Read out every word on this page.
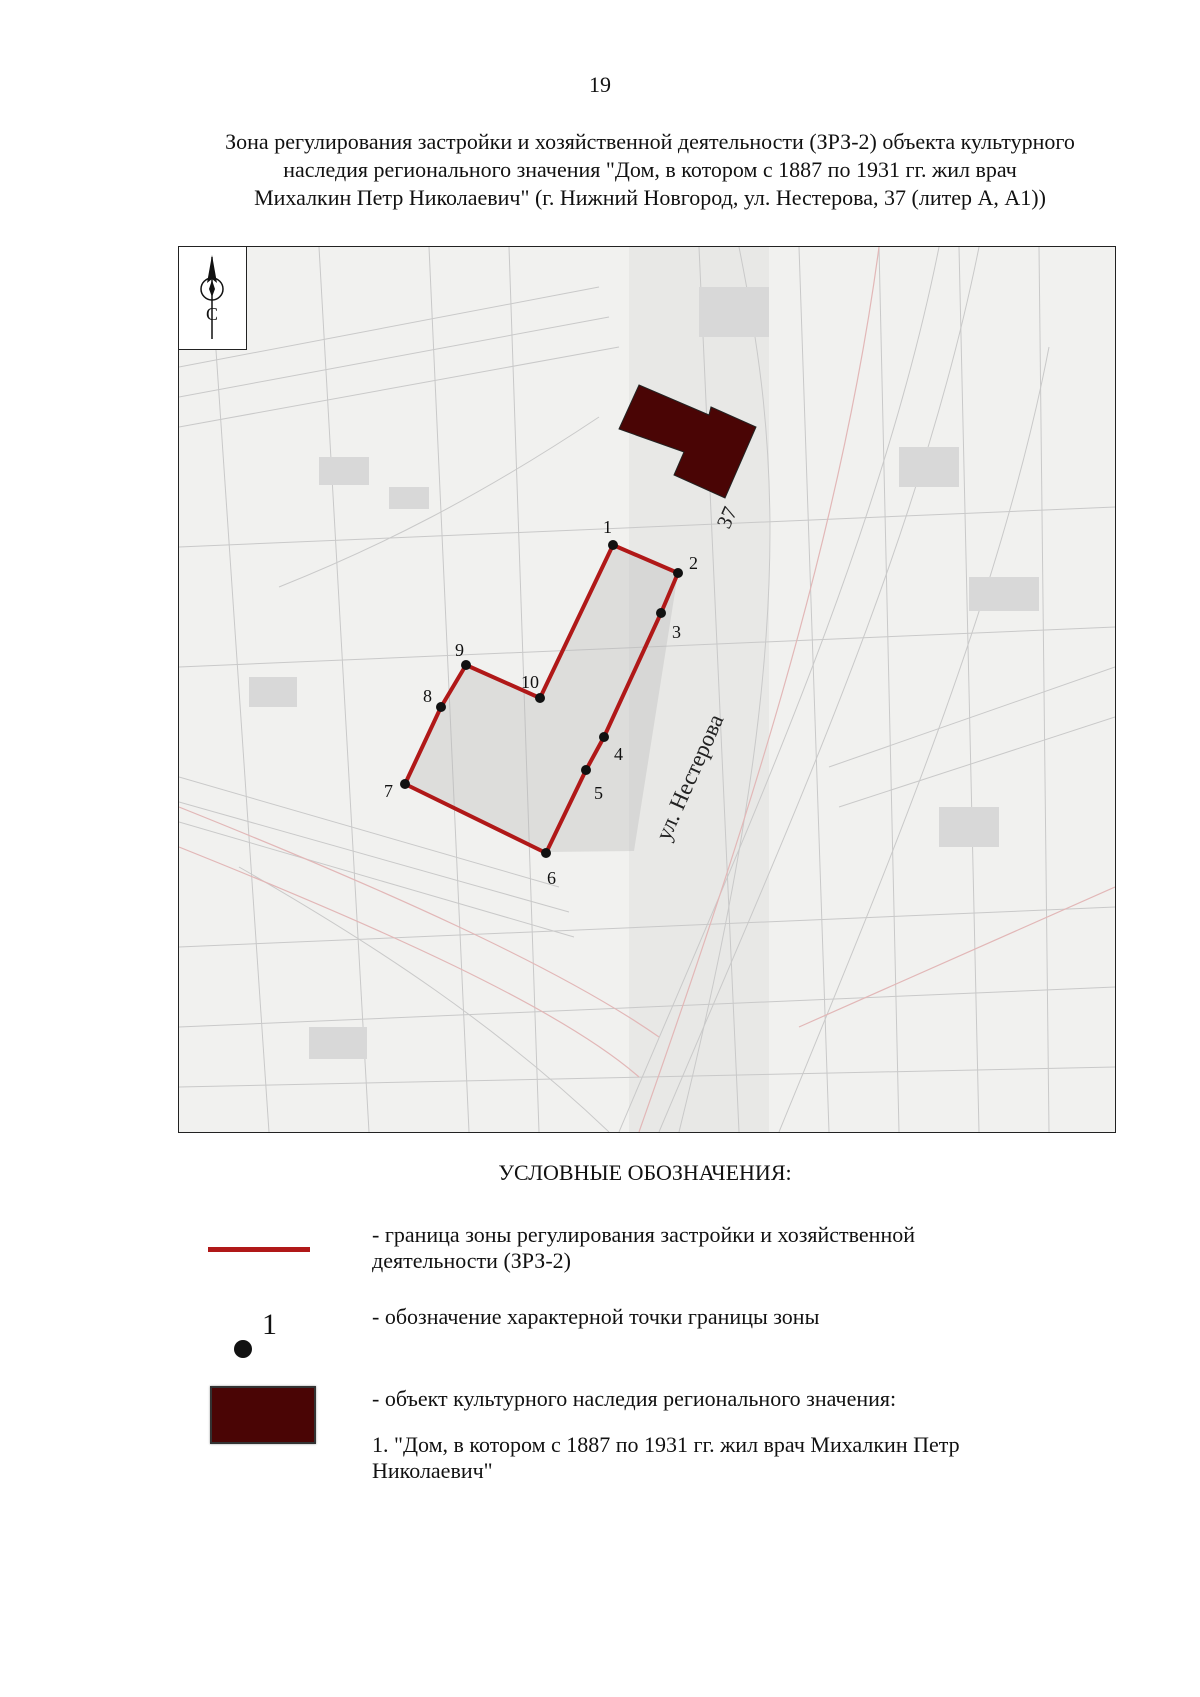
19
Зона регулирования застройки и хозяйственной деятельности (ЗРЗ-2) объекта культурного
наследия регионального значения "Дом, в котором с 1887 по 1931 гг. жил врач
Михалкин Петр Николаевич" (г. Нижний Новгород, ул. Нестерова, 37 (литер А, А1))
1
2
3
4
5
6
7
8
9
10
ул. Нестерова
37
С
УСЛОВНЫЕ ОБОЗНАЧЕНИЯ:
- граница зоны регулирования застройки и хозяйственной
деятельности (ЗРЗ-2)
1	- обозначение характерной точки границы зоны
- объект культурного наследия регионального значения:
1. "Дом, в котором с 1887 по 1931 гг. жил врач Михалкин Петр
Николаевич"
